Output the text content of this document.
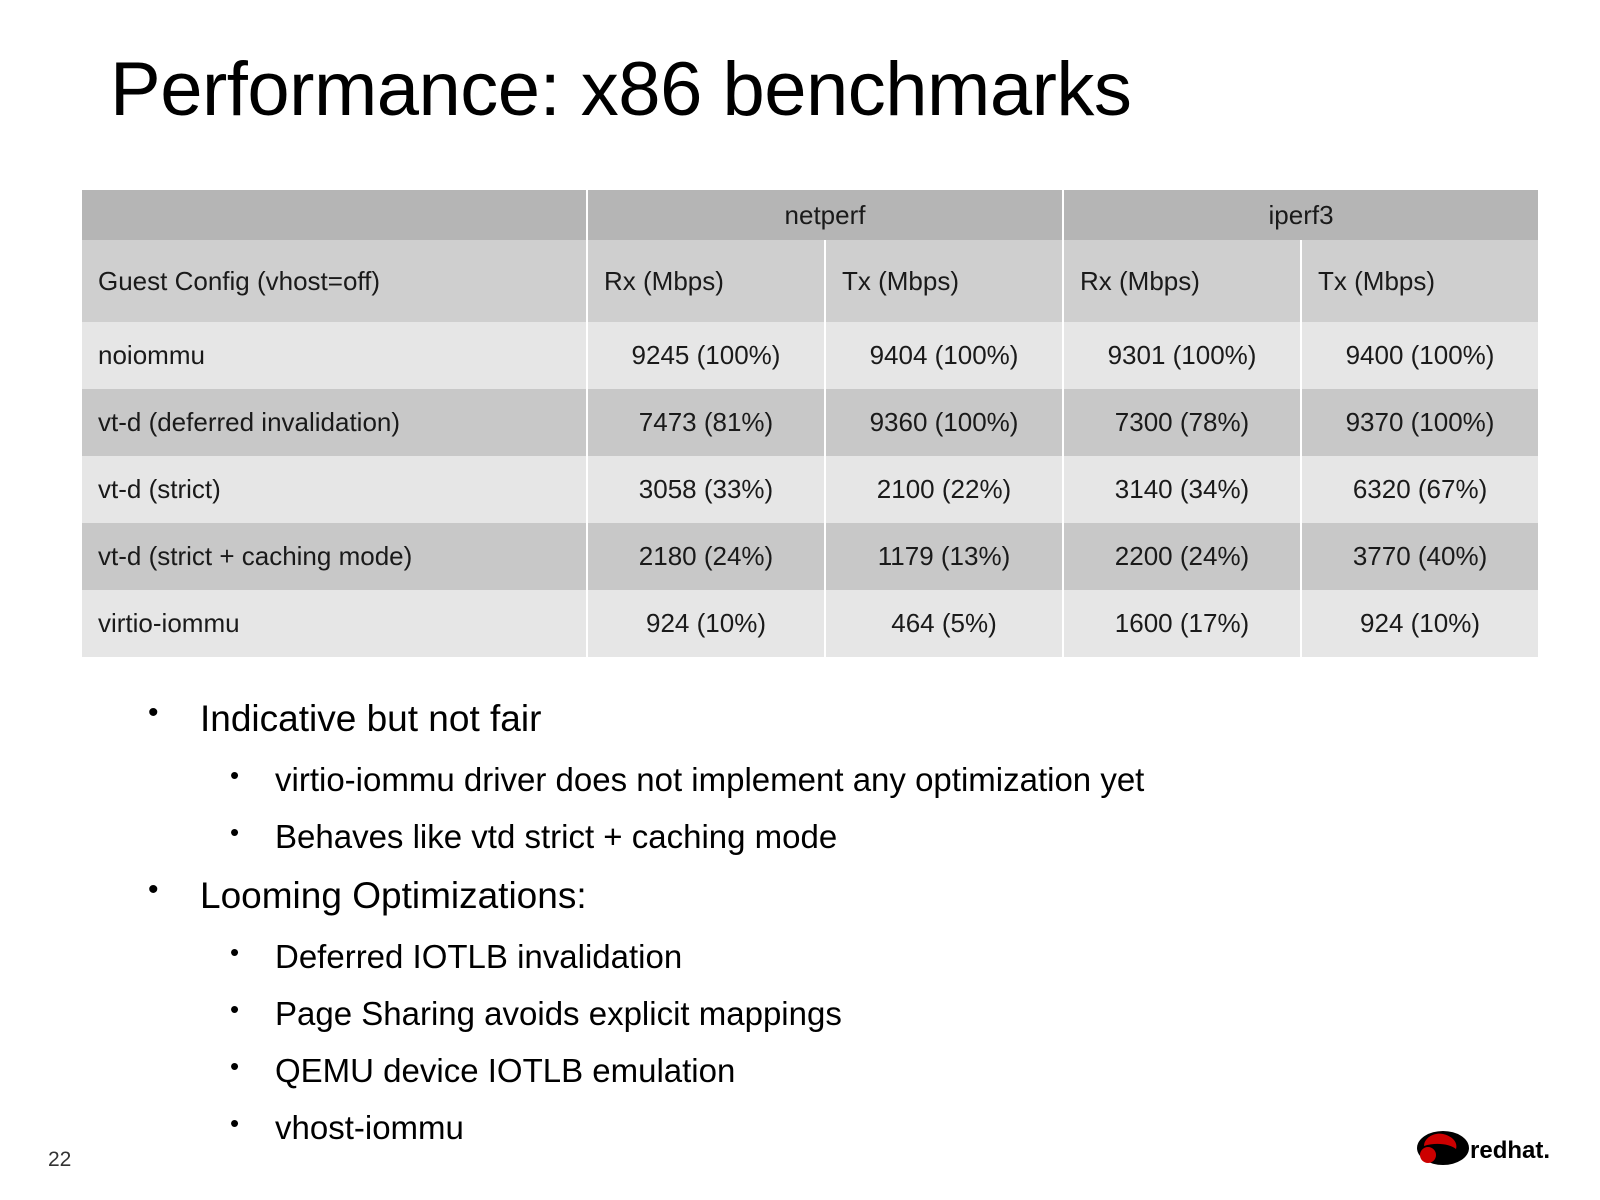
Performance: x86 benchmarks
	netperf		iperf3	
Guest Config (vhost=off)	Rx (Mbps)	Tx (Mbps)	Rx (Mbps)	Tx (Mbps)
noiommu	9245 (100%)	9404 (100%)	9301 (100%)	9400 (100%)
vt-d (deferred invalidation)	7473 (81%)	9360 (100%)	7300 (78%)	9370 (100%)
vt-d (strict)	3058 (33%)	2100 (22%)	3140 (34%)	6320 (67%)
vt-d (strict + caching mode)	2180 (24%)	1179 (13%)	2200 (24%)	3770 (40%)
virtio-iommu	924 (10%)	464 (5%)	1600 (17%)	924 (10%)
• Indicative but not fair
• virtio-iommu driver does not implement any optimization yet
• Behaves like vtd strict + caching mode
• Looming Optimizations:
• Deferred IOTLB invalidation
• Page Sharing avoids explicit mappings
• QEMU device IOTLB emulation
• vhost-iommu
22	redhat.
